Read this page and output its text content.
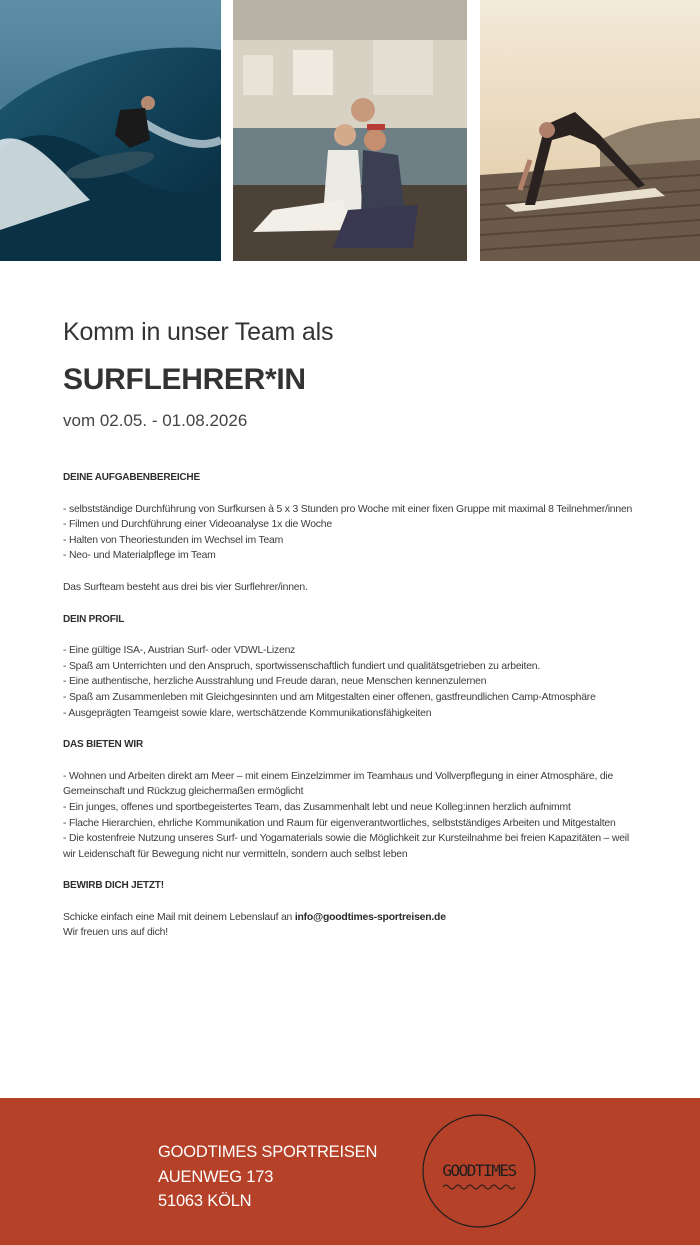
Komm in unser Team als
SURFLEHRER*IN
vom 02.05. - 01.08.2026
DEINE AUFGABENBEREICHE
- selbstständige Durchführung von Surfkursen à 5 x 3 Stunden pro Woche mit einer fixen Gruppe mit maximal 8 Teilnehmer/innen
- Filmen und Durchführung einer Videoanalyse 1x die Woche
- Halten von Theoriestunden im Wechsel im Team
- Neo- und Materialpflege im Team
Das Surfteam besteht aus drei bis vier Surflehrer/innen.
DEIN PROFIL
- Eine gültige ISA-, Austrian Surf- oder VDWL-Lizenz
- Spaß am Unterrichten und den Anspruch, sportwissenschaftlich fundiert und qualitätsgetrieben zu arbeiten.
- Eine authentische, herzliche Ausstrahlung und Freude daran, neue Menschen kennenzulernen
- Spaß am Zusammenleben mit Gleichgesinnten und am Mitgestalten einer offenen, gastfreundlichen Camp-Atmosphäre
- Ausgeprägten Teamgeist sowie klare, wertschätzende Kommunikationsfähigkeiten
DAS BIETEN WIR
- Wohnen und Arbeiten direkt am Meer – mit einem Einzelzimmer im Teamhaus und Vollverpflegung in einer Atmosphäre, die Gemeinschaft und Rückzug gleichermaßen ermöglicht
- Ein junges, offenes und sportbegeistertes Team, das Zusammenhalt lebt und neue Kolleg:innen herzlich aufnimmt
- Flache Hierarchien, ehrliche Kommunikation und Raum für eigenverantwortliches, selbstständiges Arbeiten und Mitgestalten
- Die kostenfreie Nutzung unseres Surf- und Yogamaterials sowie die Möglichkeit zur Kursteilnahme bei freien Kapazitäten – weil wir Leidenschaft für Bewegung nicht nur vermitteln, sondern auch selbst leben
BEWIRB DICH JETZT!
Schicke einfach eine Mail mit deinem Lebenslauf an info@goodtimes-sportreisen.de
Wir freuen uns auf dich!
GOODTIMES SPORTREISEN
AUENWEG 173
51063 KÖLN
GOODTIMES
